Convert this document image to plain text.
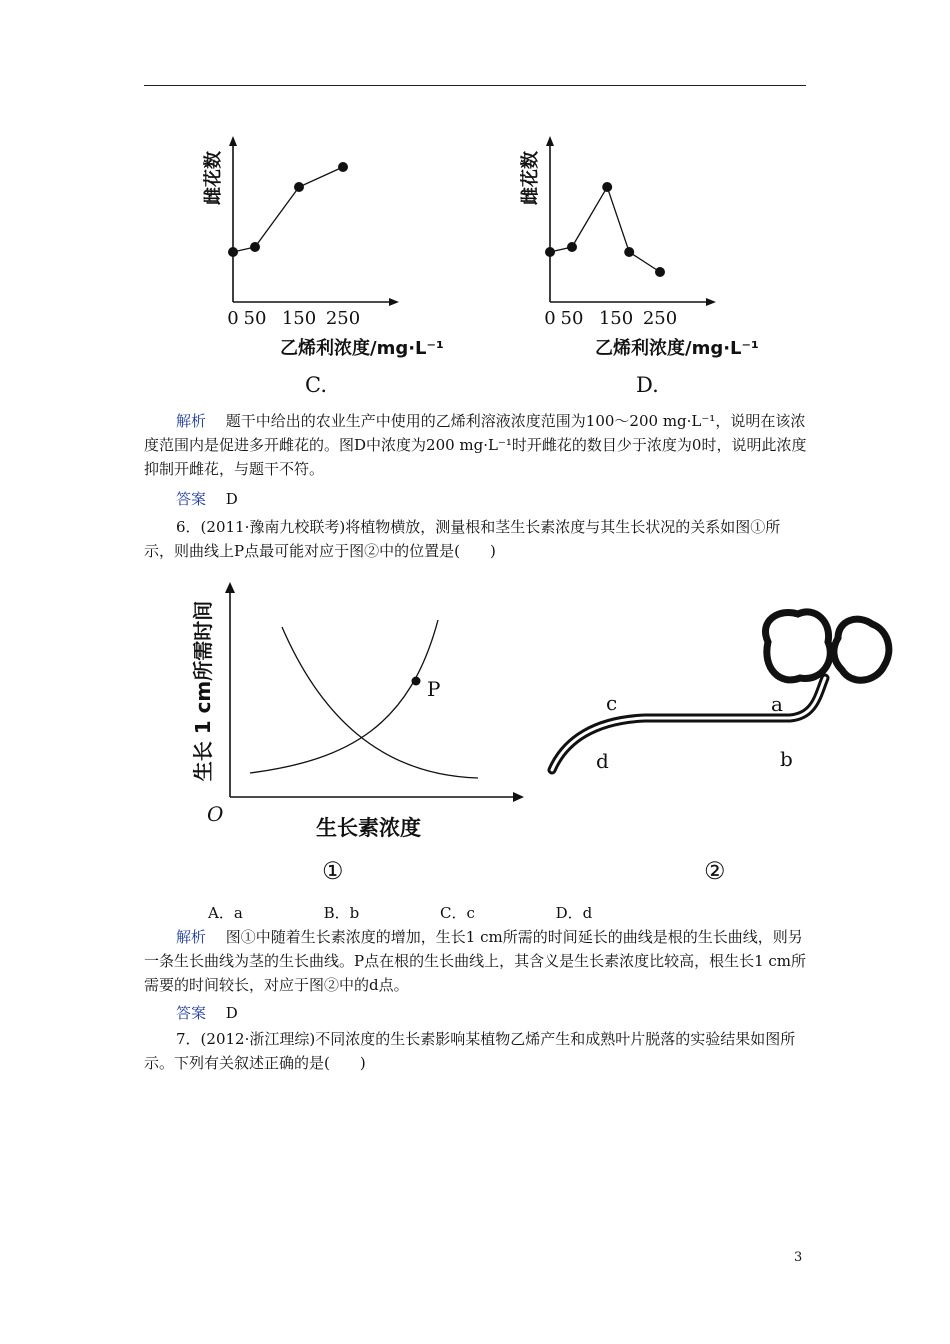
雌花数
0 50 150 250
乙烯利浓度/mg·L⁻¹
C.
雌花数
0 50 150 250
乙烯利浓度/mg·L⁻¹
D.
解析　 题干中给出的农业生产中使用的乙烯利溶液浓度范围为100～200 mg·L⁻¹，说明在该浓度范围内是促进多开雌花的。图D中浓度为200 mg·L⁻¹时开雌花的数目少于浓度为0时，说明此浓度抑制开雌花，与题干不符。
答案　 D
6．(2011·豫南九校联考)将植物横放，测量根和茎生长素浓度与其生长状况的关系如图①所示，则曲线上P点最可能对应于图②中的位置是(　　)
P
生长 1 cm所需时间
O
生长素浓度
①
c	a
d	b
②
A．a	B．b	C．c	D．d
解析　 图①中随着生长素浓度的增加，生长1 cm所需的时间延长的曲线是根的生长曲线，则另一条生长曲线为茎的生长曲线。P点在根的生长曲线上，其含义是生长素浓度比较高，根生长1 cm所需要的时间较长，对应于图②中的d点。
答案　 D
7．(2012·浙江理综)不同浓度的生长素影响某植物乙烯产生和成熟叶片脱落的实验结果如图所示。下列有关叙述正确的是(　　)
3
